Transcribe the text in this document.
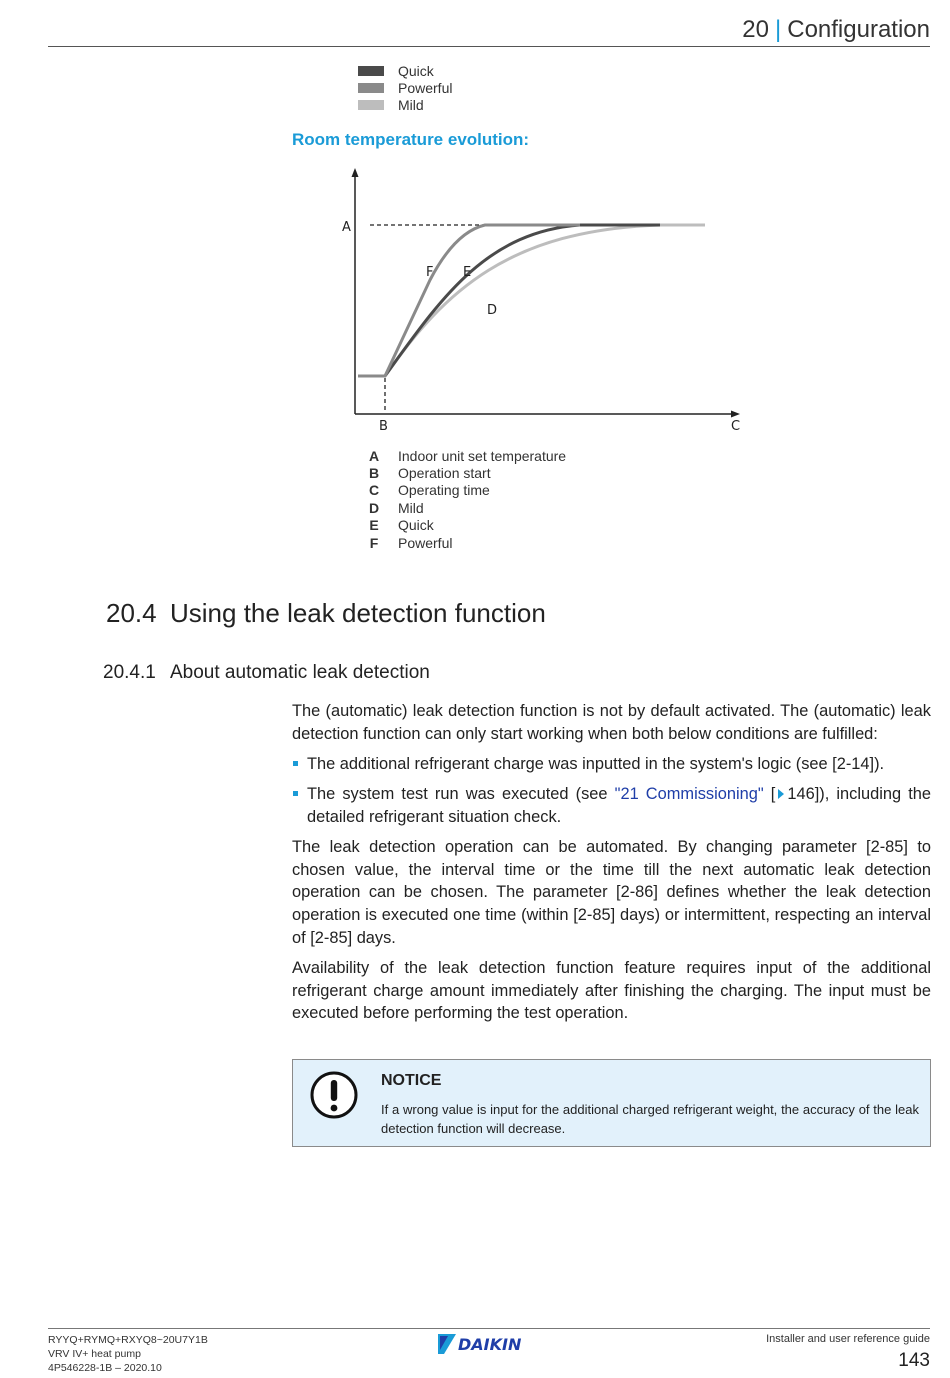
20 | Configuration
Quick
Powerful
Mild
Room temperature evolution:
A
F E
D
B	C
A	Indoor unit set temperature
B	Operation start
C	Operating time
D	Mild
E	Quick
F	Powerful
20.4 Using the leak detection function
20.4.1 About automatic leak detection

The (automatic) leak detection function is not by default activated. The (automatic) leak detection function can only start working when both below conditions are fulfilled:

The additional refrigerant charge was inputted in the system's logic (see [2-14]).
The system test run was executed (see "21 Commissioning" [ 146]), including the detailed refrigerant situation check.

The leak detection operation can be automated. By changing parameter [2-85] to chosen value, the interval time or the time till the next automatic leak detection operation can be chosen. The parameter [2-86] defines whether the leak detection operation is executed one time (within [2-85] days) or intermittent, respecting an interval of [2-85] days.

Availability of the leak detection function feature requires input of the additional refrigerant charge amount immediately after finishing the charging. The input must be executed before performing the test operation.

NOTICE
If a wrong value is input for the additional charged refrigerant weight, the accuracy of the leak detection function will decrease.
RYYQ+RYMQ+RXYQ8~20U7Y1B
VRV IV+ heat pump
4P546228-1B – 2020.10
DAIKIN	Installer and user reference guide
143
